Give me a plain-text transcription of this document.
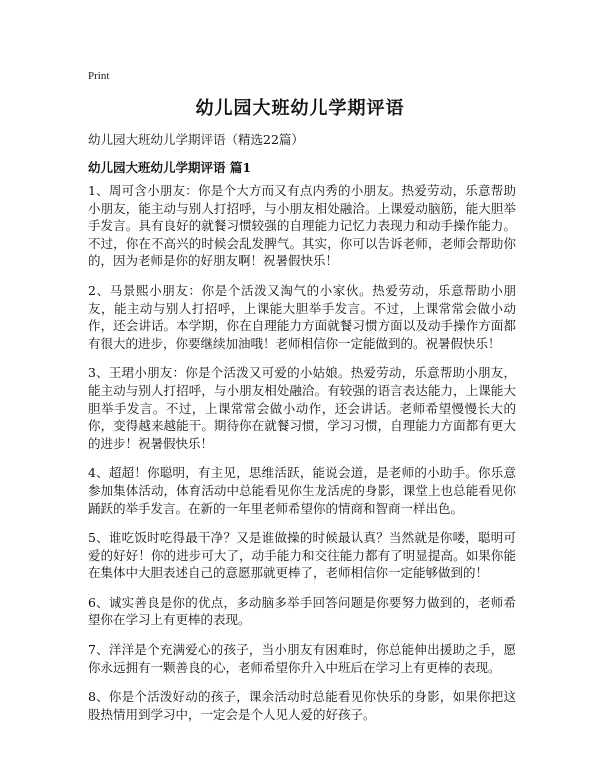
Print
幼儿园大班幼儿学期评语
幼儿园大班幼儿学期评语（精选22篇）
幼儿园大班幼儿学期评语 篇1

1、周可含小朋友：你是个大方而又有点内秀的小朋友。热爱劳动，乐意帮助小朋友，能主动与别人打招呼，与小朋友相处融洽。上课爱动脑筋，能大胆举手发言。具有良好的就餐习惯较强的自理能力记忆力表现力和动手操作能力。不过，你在不高兴的时候会乱发脾气。其实，你可以告诉老师，老师会帮助你的，因为老师是你的好朋友啊！祝暑假快乐！

2、马景熙小朋友：你是个活泼又淘气的小家伙。热爱劳动，乐意帮助小朋友，能主动与别人打招呼，上课能大胆举手发言。不过，上课常常会做小动作，还会讲话。本学期，你在自理能力方面就餐习惯方面以及动手操作方面都有很大的进步，你要继续加油哦！老师相信你一定能做到的。祝暑假快乐！

3、王珺小朋友：你是个活泼又可爱的小姑娘。热爱劳动，乐意帮助小朋友，能主动与别人打招呼，与小朋友相处融洽。有较强的语言表达能力，上课能大胆举手发言。不过，上课常常会做小动作，还会讲话。老师希望慢慢长大的你，变得越来越能干。期待你在就餐习惯，学习习惯，自理能力方面都有更大的进步！祝暑假快乐！

4、超超！你聪明，有主见，思维活跃，能说会道，是老师的小助手。你乐意参加集体活动，体育活动中总能看见你生龙活虎的身影，课堂上也总能看见你踊跃的举手发言。在新的一年里老师希望你的情商和智商一样出色。

5、谁吃饭时吃得最干净？又是谁做操的时候最认真？当然就是你喽，聪明可爱的好好！你的进步可大了，动手能力和交往能力都有了明显提高。如果你能在集体中大胆表述自己的意愿那就更棒了，老师相信你一定能够做到的！

6、诚实善良是你的优点，多动脑多举手回答问题是你要努力做到的，老师希望你在学习上有更棒的表现。

7、洋洋是个充满爱心的孩子，当小朋友有困难时，你总能伸出援助之手，愿你永远拥有一颗善良的心，老师希望你升入中班后在学习上有更棒的表现。

8、你是个活泼好动的孩子，课余活动时总能看见你快乐的身影，如果你把这股热情用到学习中，一定会是个人见人爱的好孩子。
